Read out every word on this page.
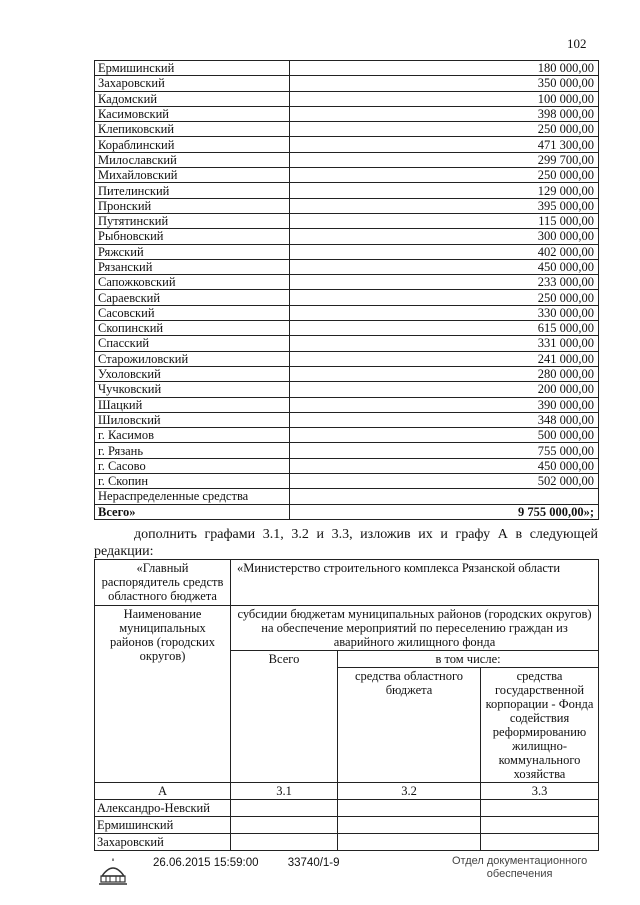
102
Ермишинский	180 000,00
Захаровский	350 000,00
Кадомский	100 000,00
Касимовский	398 000,00
Клепиковский	250 000,00
Кораблинский	471 300,00
Милославский	299 700,00
Михайловский	250 000,00
Пителинский	129 000,00
Пронский	395 000,00
Путятинский	115 000,00
Рыбновский	300 000,00
Ряжский	402 000,00
Рязанский	450 000,00
Сапожковский	233 000,00
Сараевский	250 000,00
Сасовский	330 000,00
Скопинский	615 000,00
Спасский	331 000,00
Старожиловский	241 000,00
Ухоловский	280 000,00
Чучковский	200 000,00
Шацкий	390 000,00
Шиловский	348 000,00
г. Касимов	500 000,00
г. Рязань	755 000,00
г. Сасово	450 000,00
г. Скопин	502 000,00
Нераспределенные средства	
Всего»	9 755 000,00»;
дополнить графами 3.1, 3.2 и 3.3, изложив их и графу А в следующей
редакции:
«Главный распорядитель средств областного бюджета	«Министерство строительного комплекса Рязанской области		
Наименование муниципальных районов (городских округов)	субсидии бюджетам муниципальных районов (городских округов) на обеспечение мероприятий по переселению граждан из аварийного жилищного фонда		
	Всего	в том числе:	
		средства областного бюджета	средства государственной корпорации - Фонда содействия реформированию жилищно-коммунального хозяйства
А	3.1	3.2	3.3
Александро-Невский			
Ермишинский			
Захаровский			
26.06.2015 15:59:00	33740/1-9	Отдел документационного
обеспечения
